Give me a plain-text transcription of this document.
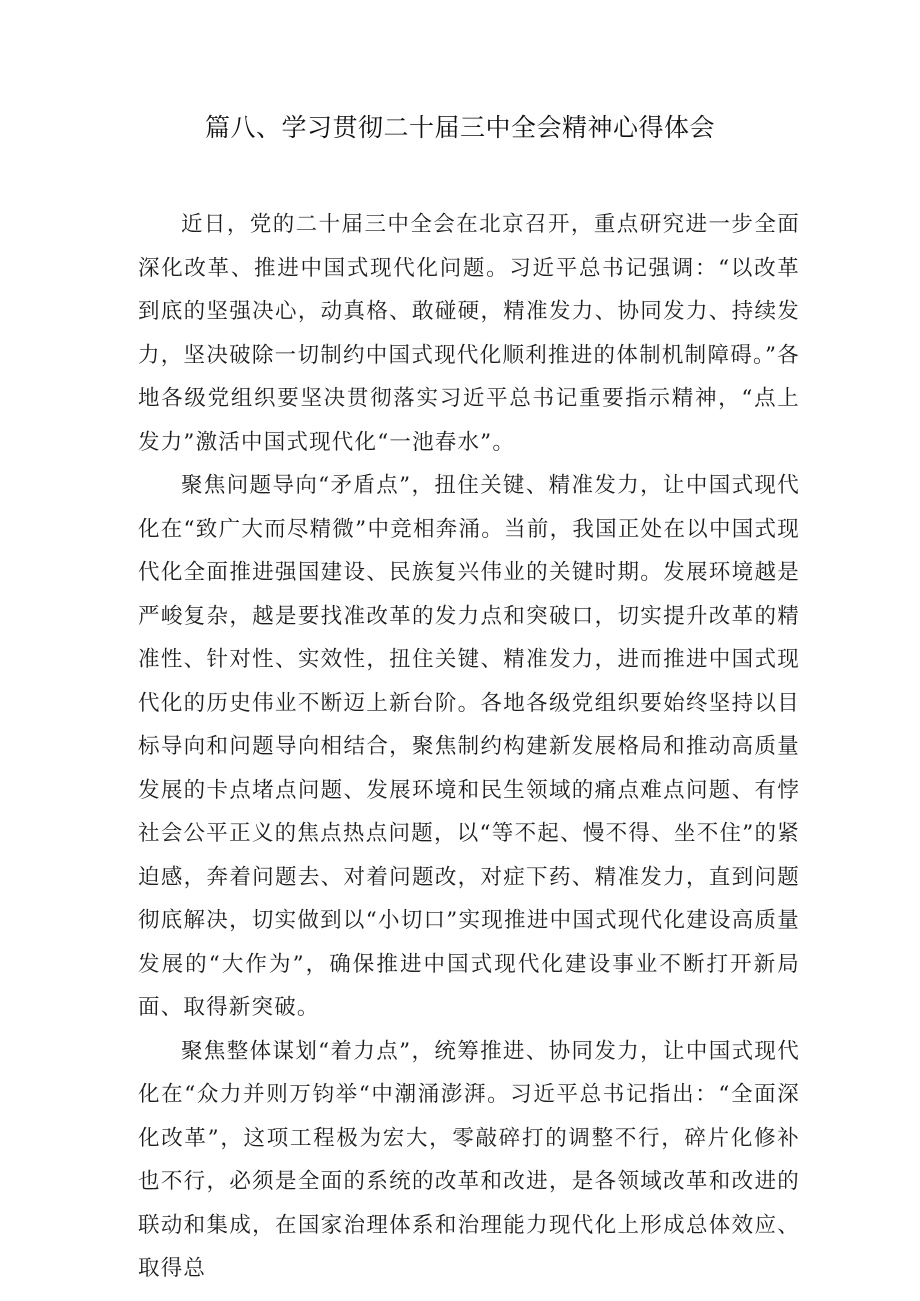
篇八、学习贯彻二十届三中全会精神心得体会

近日，党的二十届三中全会在北京召开，重点研究进一步全面深化改革、推进中国式现代化问题。习近平总书记强调：“以改革到底的坚强决心，动真格、敢碰硬，精准发力、协同发力、持续发力，坚决破除一切制约中国式现代化顺利推进的体制机制障碍。”各地各级党组织要坚决贯彻落实习近平总书记重要指示精神，“点上发力”激活中国式现代化“一池春水”。

聚焦问题导向“矛盾点”，扭住关键、精准发力，让中国式现代化在“致广大而尽精微”中竞相奔涌。当前，我国正处在以中国式现代化全面推进强国建设、民族复兴伟业的关键时期。发展环境越是严峻复杂，越是要找准改革的发力点和突破口，切实提升改革的精准性、针对性、实效性，扭住关键、精准发力，进而推进中国式现代化的历史伟业不断迈上新台阶。各地各级党组织要始终坚持以目标导向和问题导向相结合，聚焦制约构建新发展格局和推动高质量发展的卡点堵点问题、发展环境和民生领域的痛点难点问题、有悖社会公平正义的焦点热点问题，以“等不起、慢不得、坐不住”的紧迫感，奔着问题去、对着问题改，对症下药、精准发力，直到问题彻底解决，切实做到以“小切口”实现推进中国式现代化建设高质量发展的“大作为”，确保推进中国式现代化建设事业不断打开新局面、取得新突破。

聚焦整体谋划“着力点”，统筹推进、协同发力，让中国式现代化在“众力并则万钧举“中潮涌澎湃。习近平总书记指出：“全面深化改革”，这项工程极为宏大，零敲碎打的调整不行，碎片化修补也不行，必须是全面的系统的改革和改进，是各领域改革和改进的联动和集成，在国家治理体系和治理能力现代化上形成总体效应、取得总
